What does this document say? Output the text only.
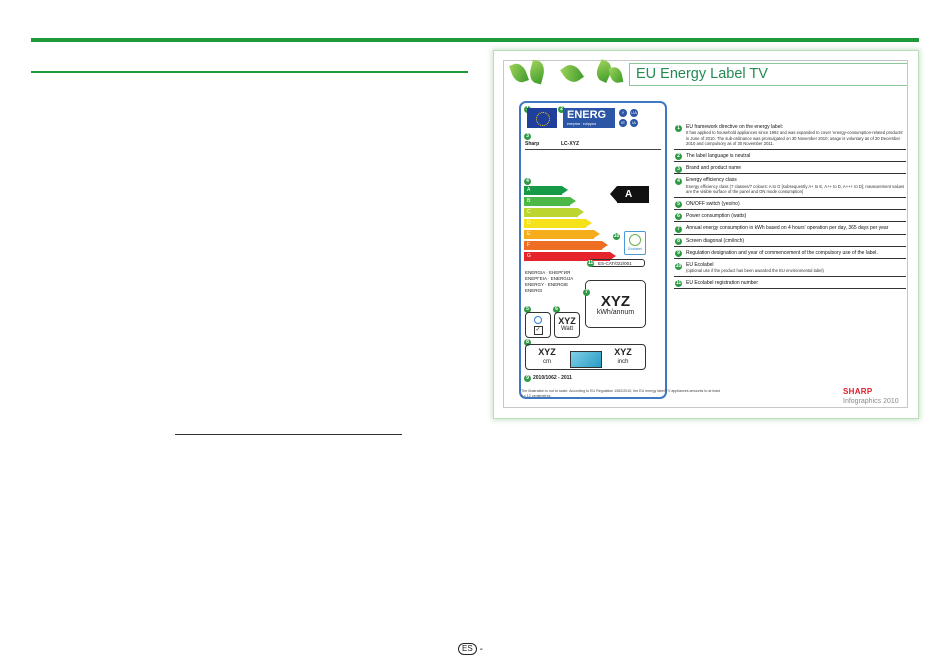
EU Energy Label TV
2 ENERG
енергия · ενέργεια
Y	IJA
IE	IA
3
Sharp	LC-XYZ
4
A
B
C
D
E
F
G
A
10
Ecolabel
11 ES-CAT/022/001
ENERGIA · ЕНЕРГИЯ
ΕΝΕΡΓΕΙΑ · ENERGIJA
ENERGY · ENERGIE
ENERGI	7
XYZ
kWh/annum
5
✓
6
XYZ
Watt
8
XYZ
cm
XYZ
inch
9 2010/1062 - 2011
1	EU framework directive on the energy label:
It has applied to household appliances since 1992 and was expanded to cover 'energy-consumption-related products' in June of 2010. The sub-ordinance was promulgated on 30 November 2010; usage is voluntary as of 20 December 2010 and compulsory as of 30 November 2011.
2	The label language is neutral
3	Brand and product name
4	Energy efficiency class
Energy efficiency class (7 classes/7 colours: A to G [subsequently A+ to E, A++ to D, A+++ to D]; measurement values are the visible surface of the panel and ON mode consumption)
5	ON/OFF switch (yes/no)
6	Power consumption (watts)
7	Annual energy consumption in kWh based on 4 hours' operation per day, 365 days per year
8	Screen diagonal (cm/inch)
9	Regulation designation and year of commencement of the compulsory use of the label.
10 EU Ecolabel
(optional use if the product has been awarded the EU environmental label)
11 EU Ecolabel registration number
The illustration is not to scale. According to EU Regulation 1062/2010, the EU energy label TV appliances amounts to at least 6 x 12 centimetres.	SHARP
Infographics 2010
ES -
